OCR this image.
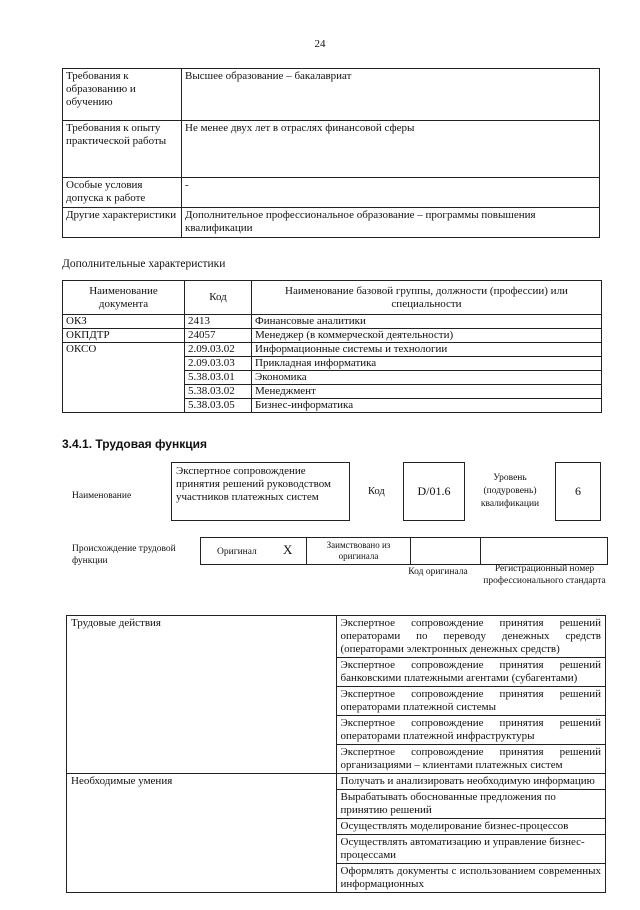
24
Требования к образованию и обучению	Высшее образование – бакалавриат
Требования к опыту практической работы	Не менее двух лет в отраслях финансовой сферы
Особые условия допуска к работе	-
Другие характеристики	Дополнительное профессиональное образование – программы повышения квалификации
Дополнительные характеристики
Наименование документа	Код	Наименование базовой группы, должности (профессии) или специальности
ОКЗ	2413	Финансовые аналитики
ОКПДТР	24057	Менеджер (в коммерческой деятельности)
ОКСО	2.09.03.02	Информационные системы и технологии
	2.09.03.03	Прикладная информатика
	5.38.03.01	Экономика
	5.38.03.02	Менеджмент
	5.38.03.05	Бизнес-информатика
3.4.1. Трудовая функция
Наименование
Экспертное сопровождение принятия решений руководством участников платежных систем	Код	D/01.6
Уровень (подуровень) квалификации
6
Происхождение трудовой функции
Оригинал X	Заимствовано из оригинала
Код оригинала	Регистрационный номер профессионального стандарта
Трудовые действия	Экспертное сопровождение принятия решений операторами по переводу денежных средств (операторами электронных денежных средств)
	Экспертное сопровождение принятия решений банковскими платежными агентами (субагентами)
	Экспертное сопровождение принятия решений операторами платежной системы
	Экспертное сопровождение принятия решений операторами платежной инфраструктуры
	Экспертное сопровождение принятия решений организациями – клиентами платежных систем
Необходимые умения	Получать и анализировать необходимую информацию
	Вырабатывать обоснованные предложения по принятию решений
	Осуществлять моделирование бизнес-процессов
	Осуществлять автоматизацию и управление бизнес-процессами
	Оформлять документы с использованием современных информационных
